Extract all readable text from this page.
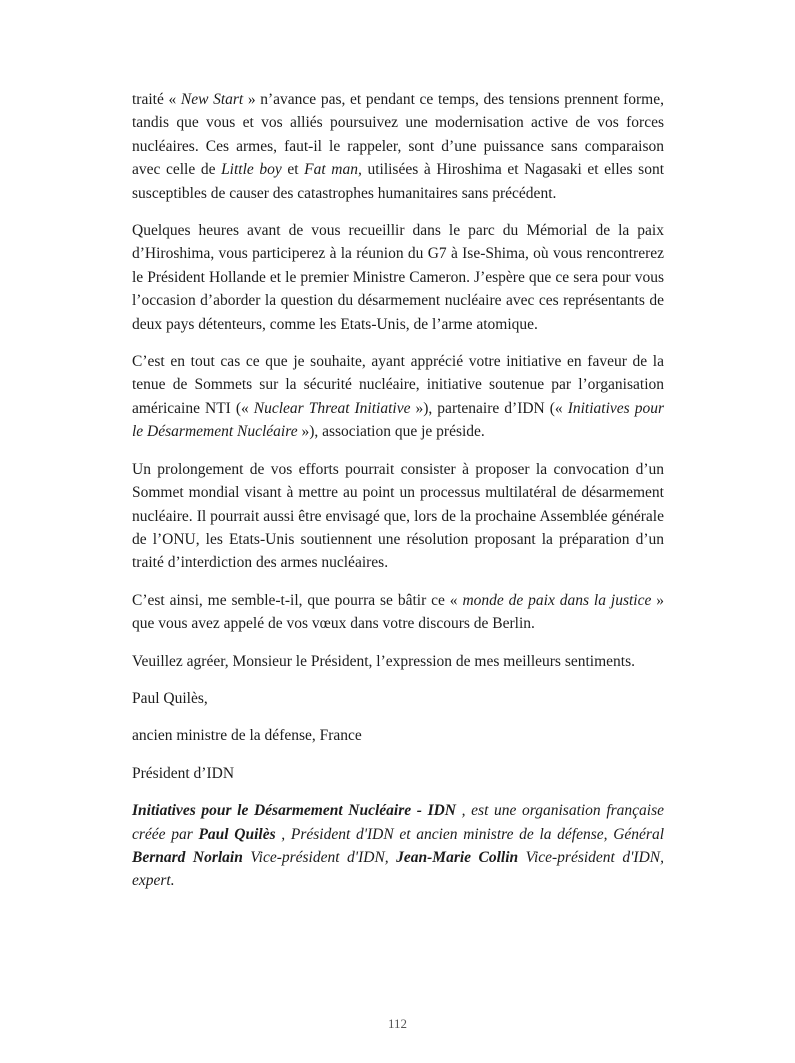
traité « New Start » n’avance pas, et pendant ce temps, des tensions prennent forme, tandis que vous et vos alliés poursuivez une modernisation active de vos forces nucléaires. Ces armes, faut-il le rappeler, sont d’une puissance sans comparaison avec celle de Little boy et Fat man, utilisées à Hiroshima et Nagasaki et elles sont susceptibles de causer des catastrophes humanitaires sans précédent.

Quelques heures avant de vous recueillir dans le parc du Mémorial de la paix d’Hiroshima, vous participerez à la réunion du G7 à Ise-Shima, où vous rencontrerez le Président Hollande et le premier Ministre Cameron. J’espère que ce sera pour vous l’occasion d’aborder la question du désarmement nucléaire avec ces représentants de deux pays détenteurs, comme les Etats-Unis, de l’arme atomique.

C’est en tout cas ce que je souhaite, ayant apprécié votre initiative en faveur de la tenue de Sommets sur la sécurité nucléaire, initiative soutenue par l’organisation américaine NTI (« Nuclear Threat Initiative »), partenaire d’IDN (« Initiatives pour le Désarmement Nucléaire »), association que je préside.

Un prolongement de vos efforts pourrait consister à proposer la convocation d’un Sommet mondial visant à mettre au point un processus multilatéral de désarmement nucléaire. Il pourrait aussi être envisagé que, lors de la prochaine Assemblée générale de l’ONU, les Etats-Unis soutiennent une résolution proposant la préparation d’un traité d’interdiction des armes nucléaires.

C’est ainsi, me semble-t-il, que pourra se bâtir ce « monde de paix dans la justice » que vous avez appelé de vos vœux dans votre discours de Berlin.

Veuillez agréer, Monsieur le Président, l’expression de mes meilleurs sentiments.

Paul Quilès,

ancien ministre de la défense, France

Président d’IDN

Initiatives pour le Désarmement Nucléaire - IDN , est une organisation française créée par Paul Quilès , Président d'IDN et ancien ministre de la défense, Général Bernard Norlain Vice-président d'IDN, Jean-Marie Collin Vice-président d'IDN, expert.

112
